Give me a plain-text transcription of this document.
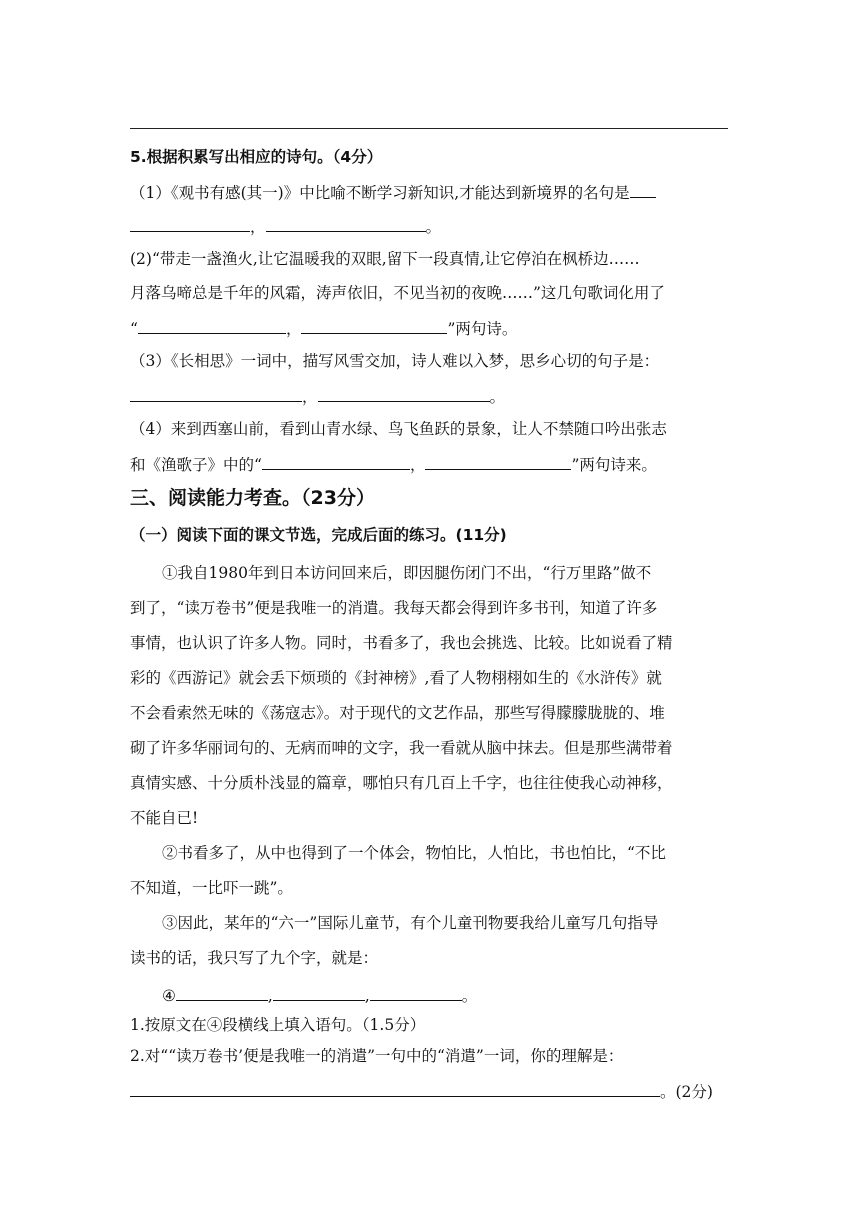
5.根据积累写出相应的诗句。（4分）
（1）《观书有感(其一)》中比喻不断学习新知识,才能达到新境界的名句是
，	。
(2)“带走一盏渔火,让它温暖我的双眼,留下一段真情,让它停泊在枫桥边……
月落乌啼总是千年的风霜，涛声依旧，不见当初的夜晚……”这几句歌词化用了
“	，	”两句诗。
（3）《长相思》一词中，描写风雪交加，诗人难以入梦，思乡心切的句子是：
，	。
（4）来到西塞山前，看到山青水绿、鸟飞鱼跃的景象，让人不禁随口吟出张志
和《渔歌子》中的“	，	”两句诗来。
三、阅读能力考查。（23分）
（一）阅读下面的课文节选，完成后面的练习。(11分)
①我自1980年到日本访问回来后，即因腿伤闭门不出，“行万里路”做不
到了，“读万卷书”便是我唯一的消遣。我每天都会得到许多书刊，知道了许多
事情，也认识了许多人物。同时，书看多了，我也会挑选、比较。比如说看了精
彩的《西游记》就会丢下烦琐的《封神榜》,看了人物栩栩如生的《水浒传》就
不会看索然无味的《荡寇志》。对于现代的文艺作品，那些写得朦朦胧胧的、堆
砌了许多华丽词句的、无病而呻的文字，我一看就从脑中抹去。但是那些满带着
真情实感、十分质朴浅显的篇章，哪怕只有几百上千字，也往往使我心动神移，
不能自已!
②书看多了，从中也得到了一个体会，物怕比，人怕比，书也怕比，“不比
不知道，一比吓一跳”。
③因此，某年的“六一”国际儿童节，有个儿童刊物要我给儿童写几句指导
读书的话，我只写了九个字，就是：
④	,	,	。
1.按原文在④段横线上填入语句。（1.5分）
2.对““读万卷书’便是我唯一的消遣”一句中的“消遣”一词，你的理解是：
。(2分)
